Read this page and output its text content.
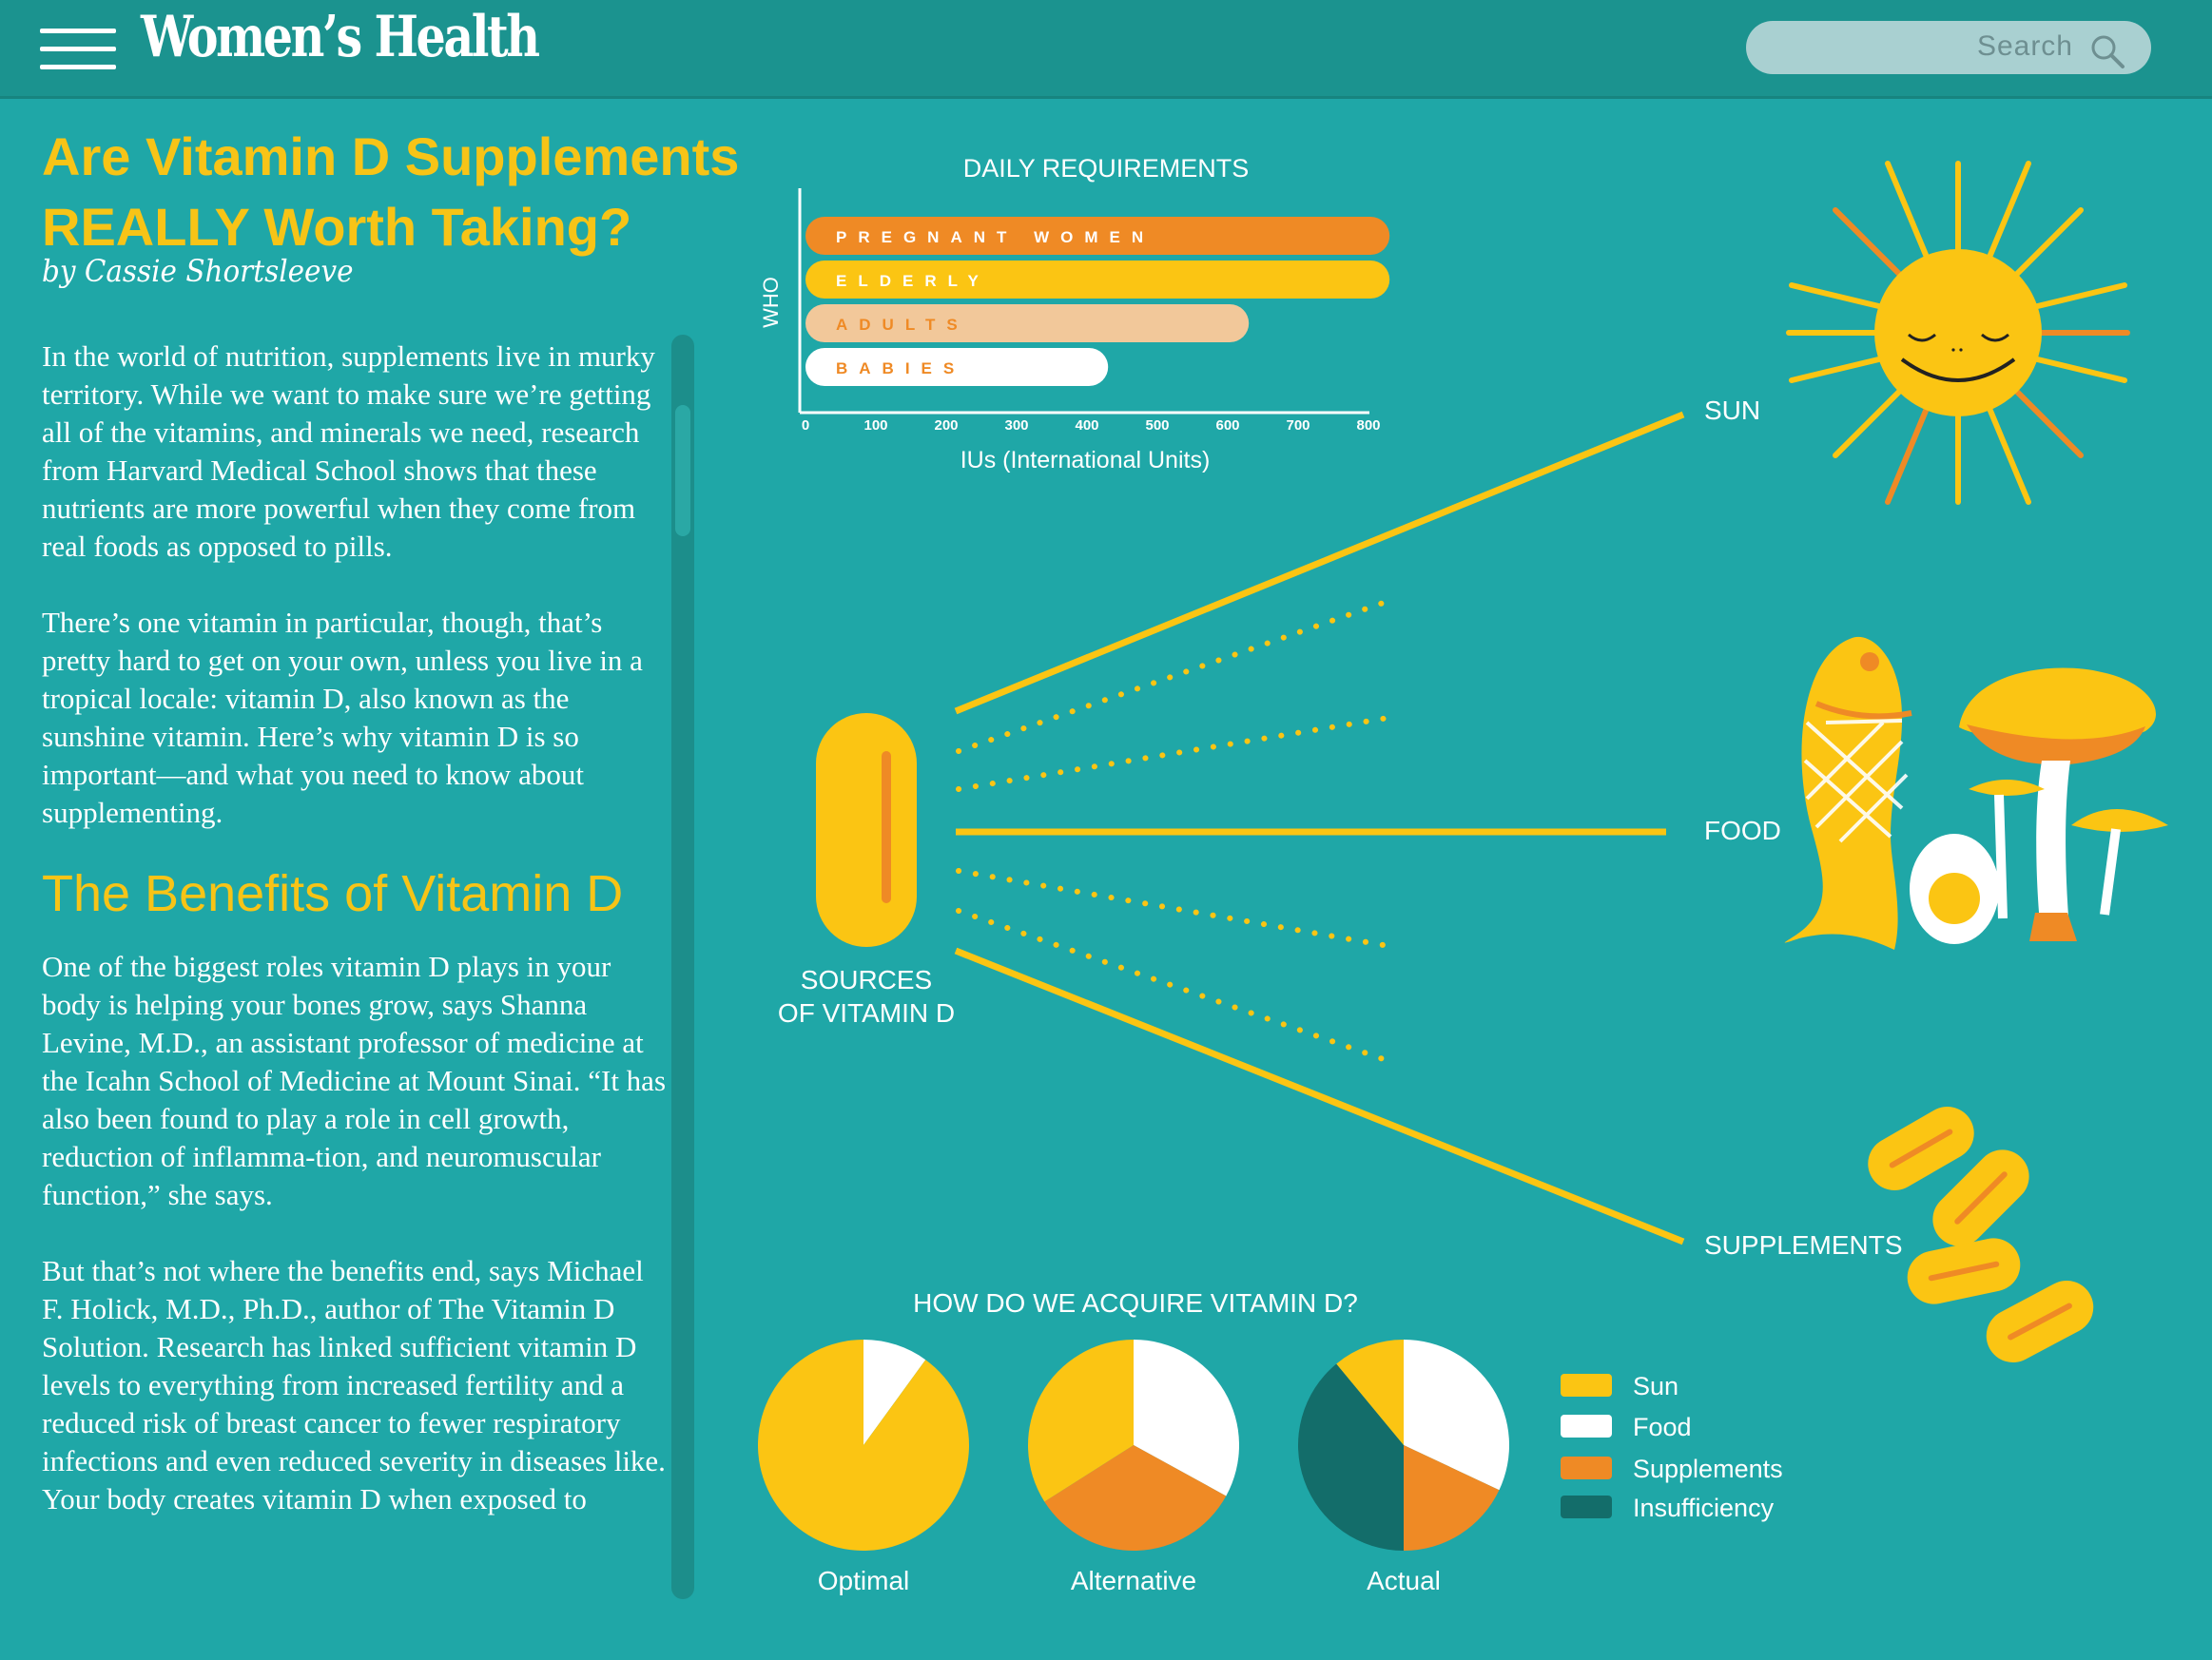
Women’s Health	Search
Are Vitamin D Supplements
REALLY Worth Taking?
by Cassie Shortsleeve

In the world of nutrition, supplements live in murky territory. While we want to make sure we’re getting all of the vitamins, and minerals we need, research from Harvard Medical School shows that these nutrients are more powerful when they come from real foods as opposed to pills.

There’s one vitamin in particular, though, that’s pretty hard to get on your own, unless you live in a tropical locale: vitamin D, also known as the sunshine vitamin. Here’s why vitamin D is so important—and what you need to know about supplementing.

The Benefits of Vitamin D

One of the biggest roles vitamin D plays in your body is helping your bones grow, says Shanna Levine, M.D., an assistant professor of medicine at the Icahn School of Medicine at Mount Sinai. “It has also been found to play a role in cell growth, reduction of inflamma-tion, and neuromuscular function,” she says.

But that’s not where the benefits end, says Michael F. Holick, M.D., Ph.D., author of The Vitamin D Solution. Research has linked sufficient vitamin D levels to everything from increased fertility and a reduced risk of breast cancer to fewer respiratory infections and even reduced severity in diseases like. Your body creates vitamin D when exposed to

DAILY REQUIREMENTS
WHO
PREGNANT WOMEN
ELDERLY
ADULTS
BABIES
0	100	200	300	400	500	600	700	800
IUs (International Units)
SOURCES
OF VITAMIN D
SUN
FOOD
SUPPLEMENTS
HOW DO WE ACQUIRE VITAMIN D?
Optimal	Alternative	Actual
Sun
Food
Supplements
Insufficiency
